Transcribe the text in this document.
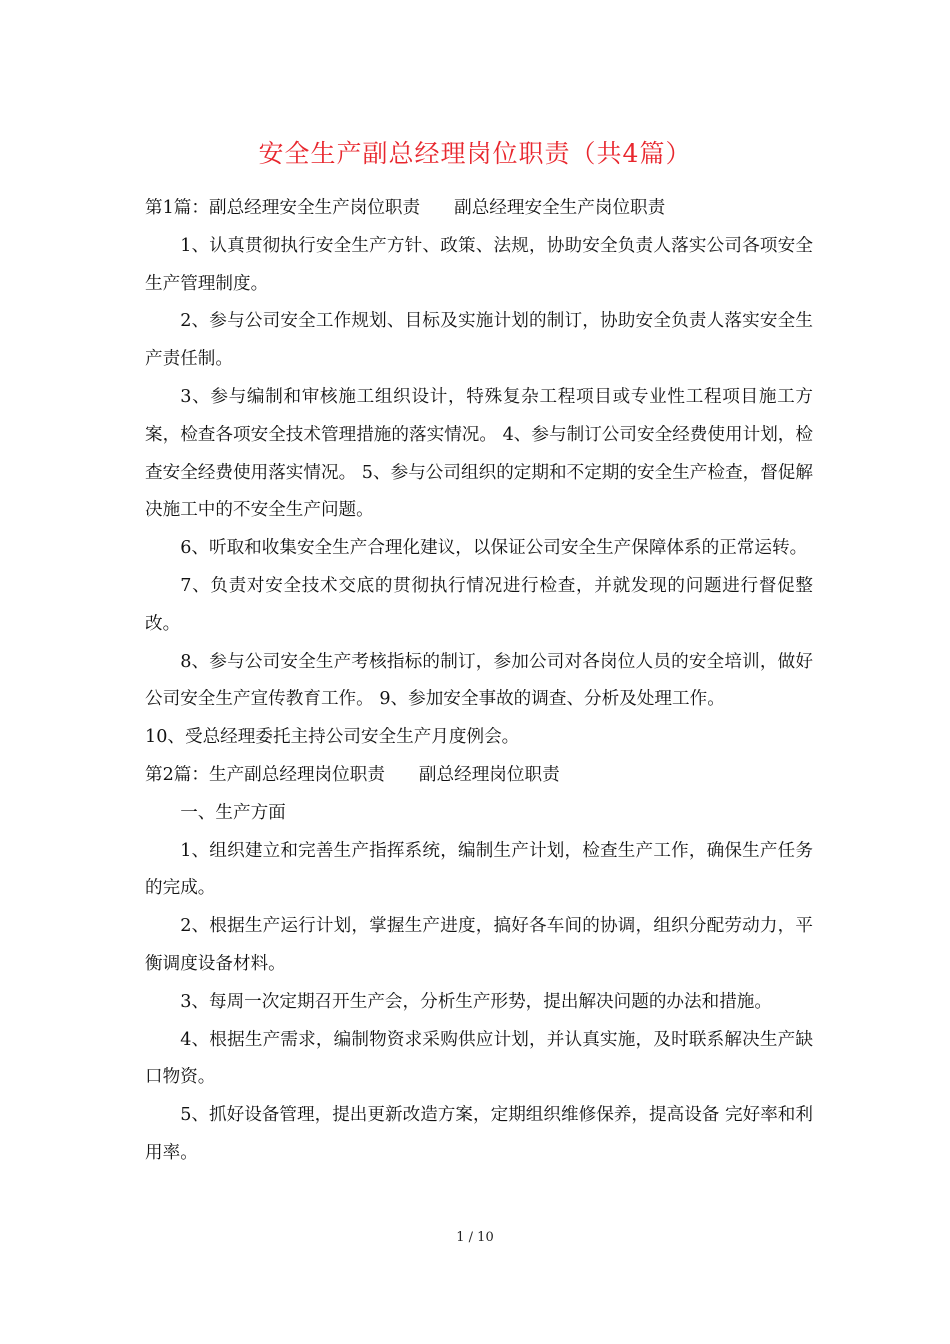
安全生产副总经理岗位职责（共4篇）

第1篇：副总经理安全生产岗位职责 副总经理安全生产岗位职责

1、认真贯彻执行安全生产方针、政策、法规，协助安全负责人落实公司各项安全生产管理制度。

2、参与公司安全工作规划、目标及实施计划的制订，协助安全负责人落实安全生产责任制。

3、参与编制和审核施工组织设计，特殊复杂工程项目或专业性工程项目施工方案，检查各项安全技术管理措施的落实情况。 4、参与制订公司安全经费使用计划，检查安全经费使用落实情况。 5、参与公司组织的定期和不定期的安全生产检查，督促解决施工中的不安全生产问题。

6、听取和收集安全生产合理化建议，以保证公司安全生产保障体系的正常运转。

7、负责对安全技术交底的贯彻执行情况进行检查，并就发现的问题进行督促整改。

8、参与公司安全生产考核指标的制订，参加公司对各岗位人员的安全培训，做好公司安全生产宣传教育工作。 9、参加安全事故的调查、分析及处理工作。

10、受总经理委托主持公司安全生产月度例会。

第2篇：生产副总经理岗位职责 副总经理岗位职责

一、生产方面

1、组织建立和完善生产指挥系统，编制生产计划，检查生产工作，确保生产任务的完成。

2、根据生产运行计划，掌握生产进度，搞好各车间的协调，组织分配劳动力，平衡调度设备材料。

3、每周一次定期召开生产会，分析生产形势，提出解决问题的办法和措施。

4、根据生产需求，编制物资求采购供应计划，并认真实施，及时联系解决生产缺口物资。

5、抓好设备管理，提出更新改造方案，定期组织维修保养，提高设备 完好率和利用率。

1 / 10
